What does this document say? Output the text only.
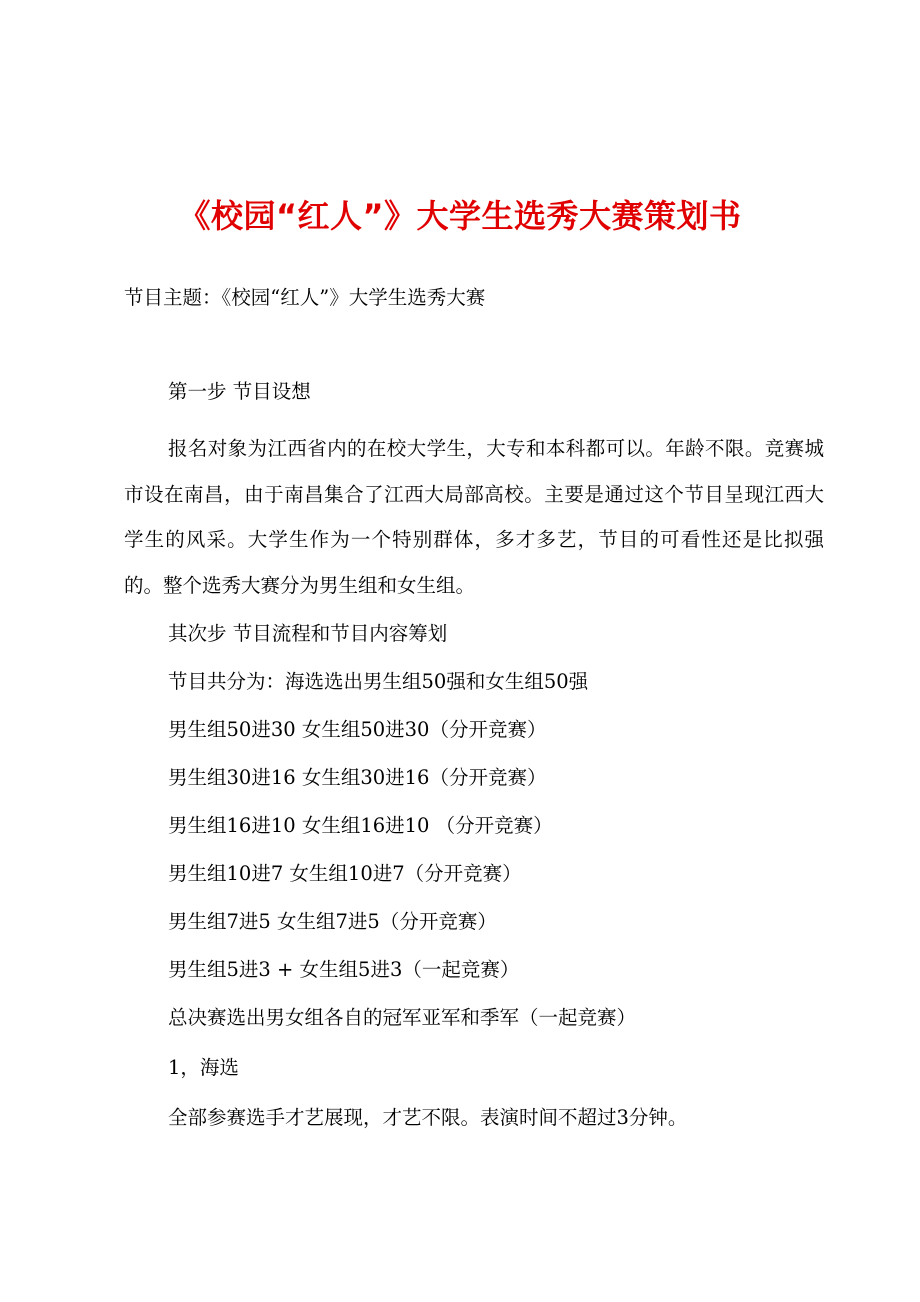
《校园“红人”》大学生选秀大赛策划书
节目主题：《校园“红人”》大学生选秀大赛
第一步 节目设想
报名对象为江西省内的在校大学生，大专和本科都可以。年龄不限。竞赛城市设在南昌，由于南昌集合了江西大局部高校。主要是通过这个节目呈现江西大学生的风采。大学生作为一个特别群体，多才多艺，节目的可看性还是比拟强的。整个选秀大赛分为男生组和女生组。
其次步 节目流程和节目内容筹划
节目共分为：海选选出男生组50强和女生组50强
男生组50进30 女生组50进30（分开竞赛）
男生组30进16 女生组30进16（分开竞赛）
男生组16进10 女生组16进10 （分开竞赛）
男生组10进7 女生组10进7（分开竞赛）
男生组7进5 女生组7进5（分开竞赛）
男生组5进3 + 女生组5进3（一起竞赛）
总决赛选出男女组各自的冠军亚军和季军（一起竞赛）
1，海选
全部参赛选手才艺展现，才艺不限。表演时间不超过3分钟。
